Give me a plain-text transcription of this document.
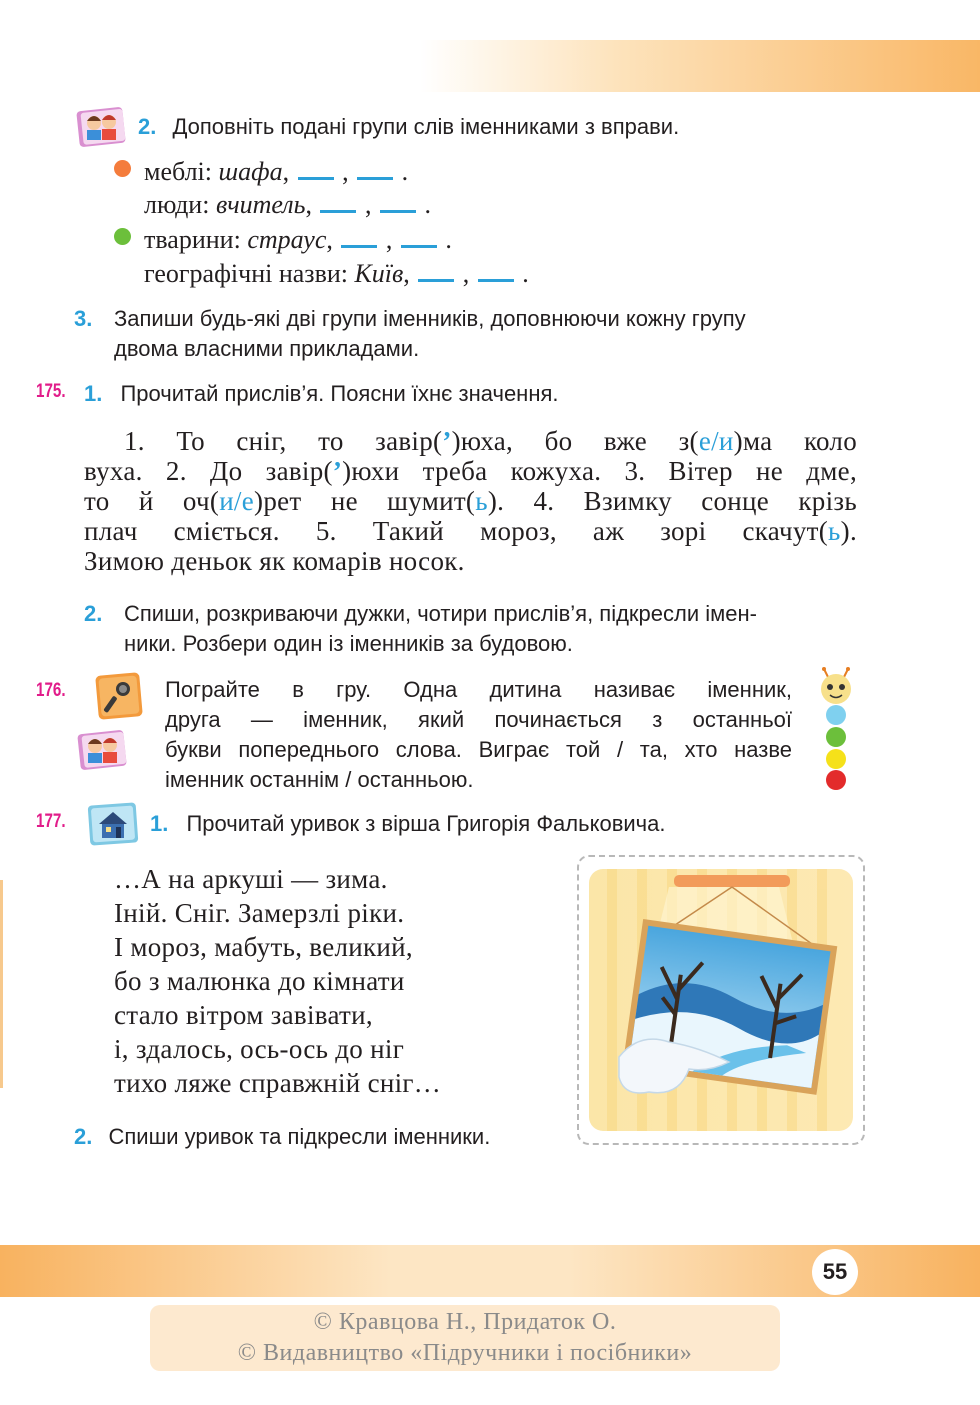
2. Доповніть подані групи слів іменниками з вправи.
меблі: шафа, , .
люди: вчитель, , .
тварини: страус, , .
географічні назви: Київ, , .
3. Запиши будь-які дві групи іменників, доповнюючи кожну групу
двома власними прикладами.
175. 1. Прочитай прислів’я. Поясни їхнє значення.
1. То сніг, то завір(’)юха, бо вже з(е/и)ма коло
вуха. 2. До завір(’)юхи треба кожуха. 3. Вітер не дме,
то й оч(и/е)рет не шумит(ь). 4. Взимку сонце крізь
плач сміється. 5. Такий мороз, аж зорі скачут(ь).
Зимою деньок як комарів носок.
2. Спиши, розкриваючи дужки, чотири прислів’я, підкресли імен-
ники. Розбери один із іменників за будовою.
176.	Пограйте в гру. Одна дитина називає іменник,
друга — іменник, який починається з останньої
букви попереднього слова. Виграє той / та, хто назве
іменник останнім / останньою.
177.	1. Прочитай уривок з вірша Григорія Фальковича.
…А на аркуші — зима.
Іній. Сніг. Замерзлі ріки.
І мороз, мабуть, великий,
бо з малюнка до кімнати
стало вітром завівати,
і, здалось, ось-ось до ніг
тихо ляже справжній сніг…
2. Спиши уривок та підкресли іменники.
55
© Кравцова Н., Придаток О.
© Видавництво «Підручники і посібники»
